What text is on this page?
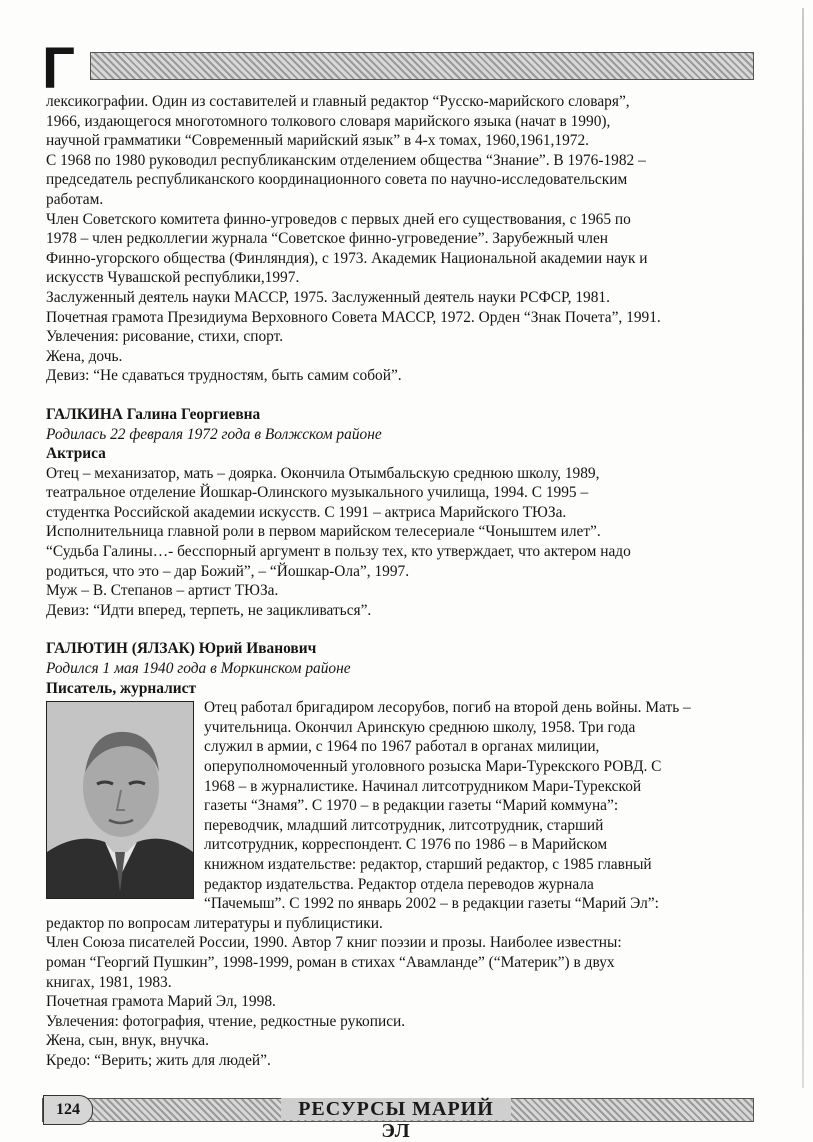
Г
лексикографии. Один из составителей и главный редактор “Русско-марийского словаря”,
1966, издающегося многотомного толкового словаря марийского языка (начат в 1990),
научной грамматики “Современный марийский язык” в 4-х томах, 1960,1961,1972.
С 1968 по 1980 руководил республиканским отделением общества “Знание”. В 1976-1982 –
председатель республиканского координационного совета по научно-исследовательским
работам.
Член Советского комитета финно-угроведов с первых дней его существования, с 1965 по
1978 – член редколлегии журнала “Советское финно-угроведение”. Зарубежный член
Финно-угорского общества (Финляндия), с 1973. Академик Национальной академии наук и
искусств Чувашской республики,1997.
Заслуженный деятель науки МАССР, 1975. Заслуженный деятель науки РСФСР, 1981.
Почетная грамота Президиума Верховного Совета МАССР, 1972. Орден “Знак Почета”, 1991.
Увлечения: рисование, стихи, спорт.
Жена, дочь.
Девиз: “Не сдаваться трудностям, быть самим собой”.
ГАЛКИНА Галина Георгиевна
Родилась 22 февраля 1972 года в Волжском районе
Актриса
Отец – механизатор, мать – доярка. Окончила Отымбальскую среднюю школу, 1989,
театральное отделение Йошкар-Олинского музыкального училища, 1994. С 1995 –
студентка Российской академии искусств. С 1991 – актриса Марийского ТЮЗа.
Исполнительница главной роли в первом марийском телесериале “Чоныштем илет”.
“Судьба Галины…- бесспорный аргумент в пользу тех, кто утверждает, что актером надо
родиться, что это – дар Божий”, – “Йошкар-Ола”, 1997.
Муж – В. Степанов – артист ТЮЗа.
Девиз: “Идти вперед, терпеть, не зацикливаться”.
ГАЛЮТИН (ЯЛЗАК) Юрий Иванович
Родился 1 мая 1940 года в Моркинском районе
Писатель, журналист
Отец работал бригадиром лесорубов, погиб на второй день войны. Мать –
учительница. Окончил Аринскую среднюю школу, 1958. Три года
служил в армии, с 1964 по 1967 работал в органах милиции,
оперуполномоченный уголовного розыска Мари-Турекского РОВД. С
1968 – в журналистике. Начинал литсотрудником Мари-Турекской
газеты “Знамя”. С 1970 – в редакции газеты “Марий коммуна”:
переводчик, младший литсотрудник, литсотрудник, старший
литсотрудник, корреспондент. С 1976 по 1986 – в Марийском
книжном издательстве: редактор, старший редактор, с 1985 главный
редактор издательства. Редактор отдела переводов журнала
“Пачемыш”. С 1992 по январь 2002 – в редакции газеты “Марий Эл”:
редактор по вопросам литературы и публицистики.
Член Союза писателей России, 1990. Автор 7 книг поэзии и прозы. Наиболее известны:
роман “Георгий Пушкин”, 1998-1999, роман в стихах “Авамланде” (“Материк”) в двух
книгах, 1981, 1983.
Почетная грамота Марий Эл, 1998.
Увлечения: фотография, чтение, редкостные рукописи.
Жена, сын, внук, внучка.
Кредо: “Верить; жить для людей”.
124	РЕСУРСЫ МАРИЙ ЭЛ
